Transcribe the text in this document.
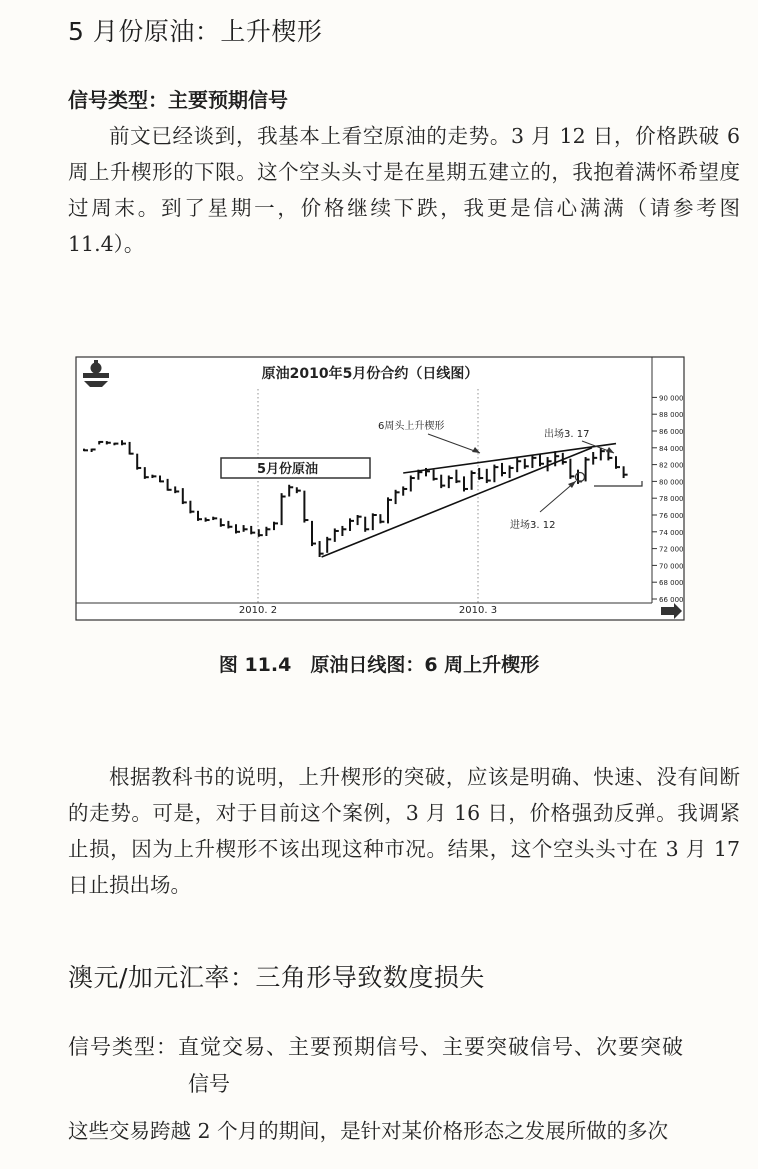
5 月份原油：上升楔形
信号类型：主要预期信号

前文已经谈到，我基本上看空原油的走势。3 月 12 日，价格跌破 6 周上升楔形的下限。这个空头头寸是在星期五建立的，我抱着满怀希望度过周末。到了星期一，价格继续下跌，我更是信心满满（请参考图 11.4）。

66 000
68 000
70 000
72 000
74 000
76 000
78 000
80 000
82 000
84 000
86 000
88 000
90 000
原油2010年5月份合约（日线图）
5月份原油
6周头上升楔形
出场3. 17
进场3. 12
2010. 2	2010. 3
图 11.4　原油日线图：6 周上升楔形

根据教科书的说明，上升楔形的突破，应该是明确、快速、没有间断的走势。可是，对于目前这个案例，3 月 16 日，价格强劲反弹。我调紧止损，因为上升楔形不该出现这种市况。结果，这个空头头寸在 3 月 17 日止损出场。

澳元/加元汇率：三角形导致数度损失
信号类型：直觉交易、主要预期信号、主要突破信号、次要突破
信号

这些交易跨越 2 个月的期间，是针对某价格形态之发展所做的多次
